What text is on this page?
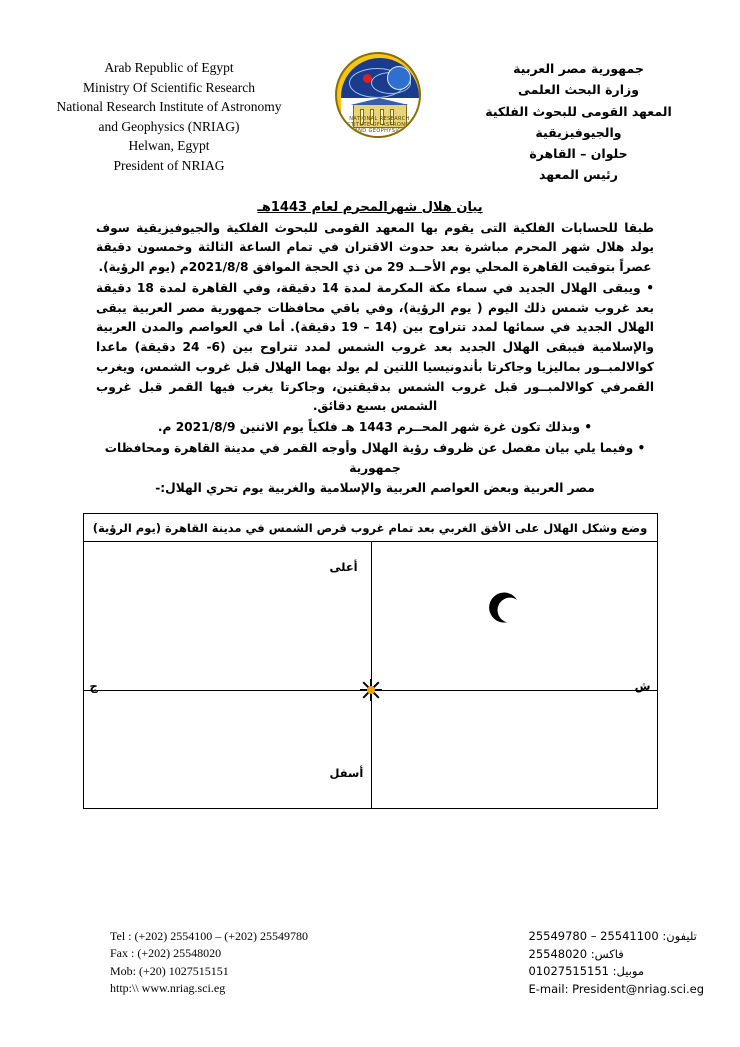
Arab Republic of Egypt
Ministry Of Scientific Research
National Research Institute of Astronomy
and Geophysics (NRIAG)
Helwan, Egypt
President of NRIAG
NATIONAL RESEARCH INSTITUTE OF ASTRONOMY AND GEOPHYSICS
جمهورية مصر العربية
وزارة البحث العلمى
المعهد القومى للبحوث الفلكية والجيوفيزيقية
حلوان – القاهرة
رئيس المعهد
بيان هلال شهرالمحرم لعام 1443هـ

طبقا للحسابات الفلكية التى يقوم بها المعهد القومى للبحوث الفلكية والجيوفيزيقية سوف يولد هلال شهر المحرم مباشرة بعد حدوث الاقتران في تمام الساعة الثالثة وخمسون دقيقة عصراً بتوقيت القاهرة المحلي يوم الأحــد 29 من ذي الحجة الموافق 2021/8/8م (يوم الرؤية).

• ويبقى الهلال الجديد في سماء مكة المكرمة لمدة 14 دقيقة، وفي القاهرة لمدة 18 دقيقة بعد غروب شمس ذلك اليوم ( يوم الرؤية)، وفي باقي محافظات جمهورية مصر العربية يبقى الهلال الجديد في سمائها لمدد تتراوح بين (14 – 19 دقيقة). أما في العواصم والمدن العربية والإسلامية فيبقى الهلال الجديد بعد غروب الشمس لمدد تتراوح بين (6- 24 دقيقة) ماعدا كوالالمبــور بماليزيا وجاكرتا بأندونيسيا اللتين لم يولد بهما الهلال قبل غروب الشمس، ويغرب القمرفي كوالالمبــور قبل غروب الشمس بدقيقتين، وجاكرتا يغرب فيها القمر قبل غروب الشمس بسبع دقائق.

• وبذلك تكون غرة شهر المحــرم 1443 هـ فلكياً يوم الاثنين 2021/8/9 م.

• وفيما يلي بيان مفصل عن ظروف رؤية الهلال وأوجه القمر في مدينة القاهرة ومحافظات جمهورية

مصر العربية وبعض العواصم العربية والإسلامية والغربية يوم تحري الهلال:-

وضع وشكل الهلال على الأفق الغربي بعد تمام غروب قرص الشمس في مدينة القاهرة (يوم الرؤية)
أعلى
أسفل
ج	ش
Tel : (+202) 2554100 – (+202) 25549780
Fax : (+202) 25548020
Mob: (+20) 1027515151
http:\\ www.nriag.sci.eg
تليفون: 25541100 – 25549780
فاكس: 25548020
موبيل: 01027515151
E-mail: President@nriag.sci.eg
